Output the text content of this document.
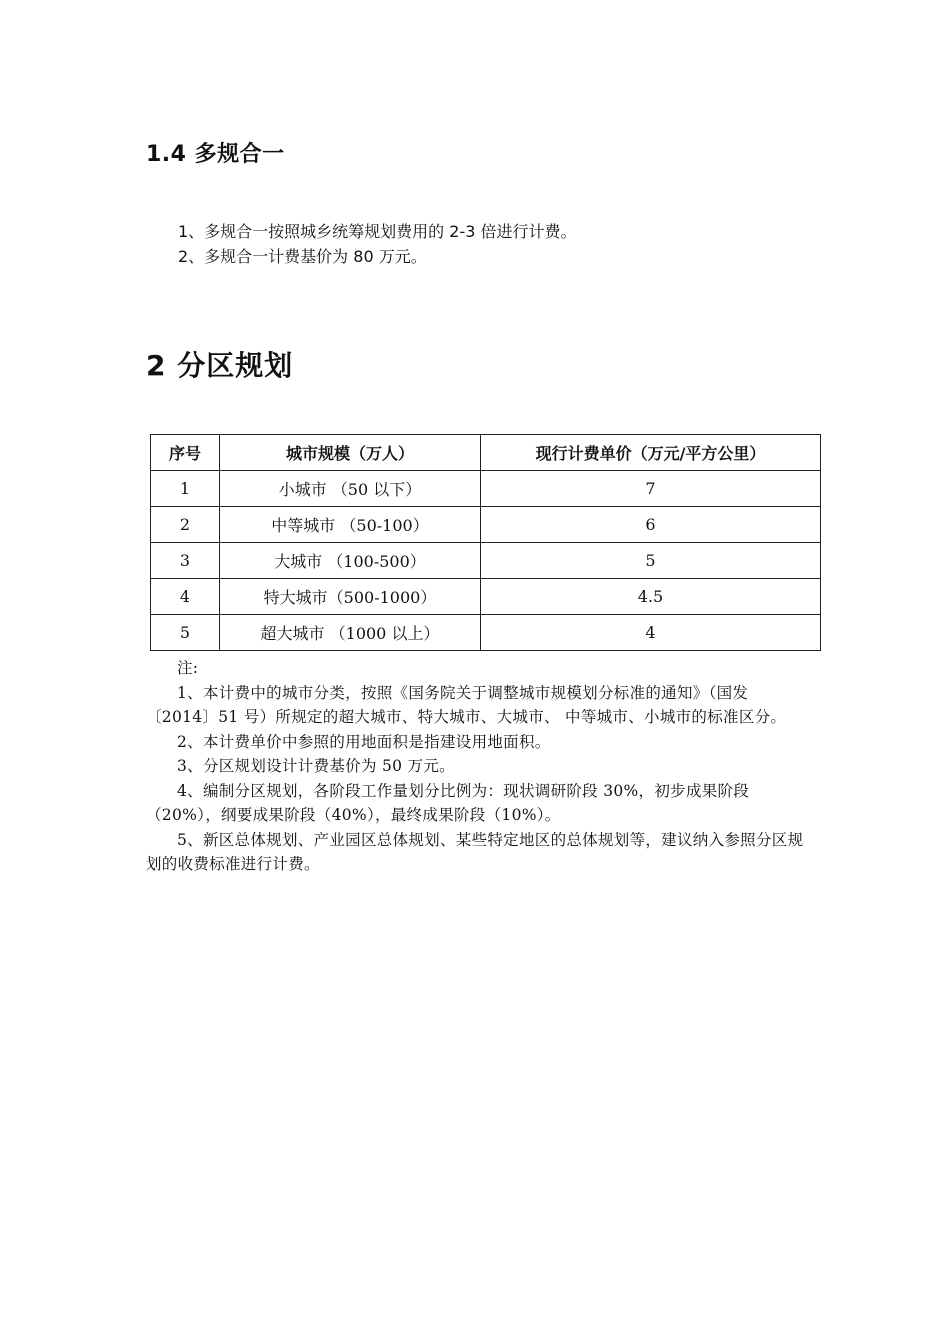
1.4 多规合一
1、多规合一按照城乡统筹规划费用的 2-3 倍进行计费。
2、多规合一计费基价为 80 万元。
2 分区规划
序号	城市规模（万人）	现行计费单价（万元/平方公里）
1	小城市 （50 以下）	7
2	中等城市 （50-100）	6
3	大城市 （100-500）	5
4	特大城市（500-1000）	4.5
5	超大城市 （1000 以上）	4

注:

1、本计费中的城市分类，按照《国务院关于调整城市规模划分标准的通知》（国发〔2014〕51 号）所规定的超大城市、特大城市、大城市、 中等城市、小城市的标准区分。

2、本计费单价中参照的用地面积是指建设用地面积。

3、分区规划设计计费基价为 50 万元。

4、编制分区规划，各阶段工作量划分比例为：现状调研阶段 30%，初步成果阶段（20%），纲要成果阶段（40%），最终成果阶段（10%）。

5、新区总体规划、产业园区总体规划、某些特定地区的总体规划等，建议纳入参照分区规划的收费标准进行计费。
